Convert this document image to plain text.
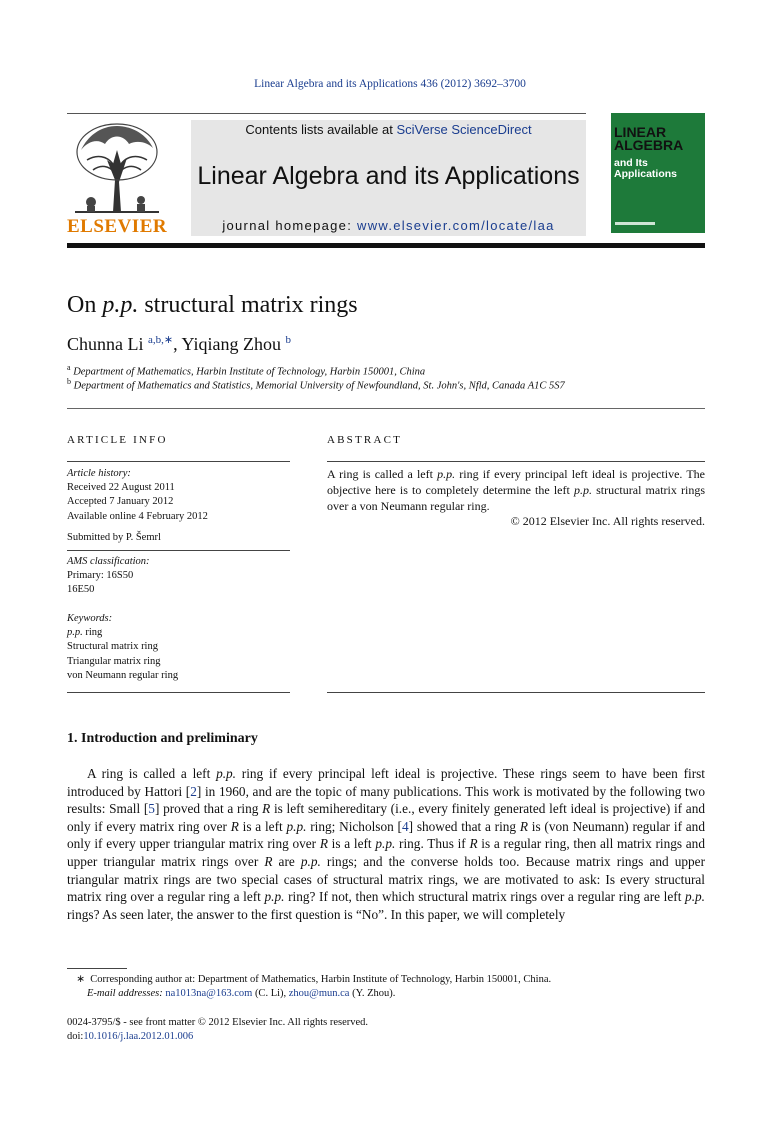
Linear Algebra and its Applications 436 (2012) 3692–3700
ELSEVIER
Contents lists available at SciVerse ScienceDirect
Linear Algebra and its Applications
journal homepage: www.elsevier.com/locate/laa
LINEAR ALGEBRA
and Its Applications
On p.p. structural matrix rings
Chunna Li $^{a,b,∗}$, Yiqiang Zhou $^b$
$^a$ Department of Mathematics, Harbin Institute of Technology, Harbin 150001, China
$^b$ Department of Mathematics and Statistics, Memorial University of Newfoundland, St. John's, Nfld, Canada A1C 5S7
ARTICLE INFO
Article history:
Received 22 August 2011
Accepted 7 January 2012
Available online 4 February 2012
Submitted by P. Šemrl
AMS classification:
Primary: 16S50
16E50
Keywords:
p.p. ring
Structural matrix ring
Triangular matrix ring
von Neumann regular ring
ABSTRACT
A ring is called a left p.p. ring if every principal left ideal is projective. The objective here is to completely determine the left p.p. structural matrix rings over a von Neumann regular ring.
© 2012 Elsevier Inc. All rights reserved.
1. Introduction and preliminary
A ring is called a left p.p. ring if every principal left ideal is projective. These rings seem to have been first introduced by Hattori [2] in 1960, and are the topic of many publications. This work is motivated by the following two results: Small [5] proved that a ring R is left semihereditary (i.e., every finitely generated left ideal is projective) if and only if every matrix ring over R is a left p.p. ring; Nicholson [4] showed that a ring R is (von Neumann) regular if and only if every upper triangular matrix ring over R is a left p.p. ring. Thus if R is a regular ring, then all matrix rings and upper triangular matrix rings over R are p.p. rings; and the converse holds too. Because matrix rings and upper triangular matrix rings are two special cases of structural matrix rings, we are motivated to ask: Is every structural matrix ring over a regular ring a left p.p. ring? If not, then which structural matrix rings over a regular ring are left p.p. rings? As seen later, the answer to the first question is “No”. In this paper, we will completely
∗ Corresponding author at: Department of Mathematics, Harbin Institute of Technology, Harbin 150001, China.
E-mail addresses: na1013na@163.com (C. Li), zhou@mun.ca (Y. Zhou).
0024-3795/$ - see front matter © 2012 Elsevier Inc. All rights reserved.
doi:10.1016/j.laa.2012.01.006
